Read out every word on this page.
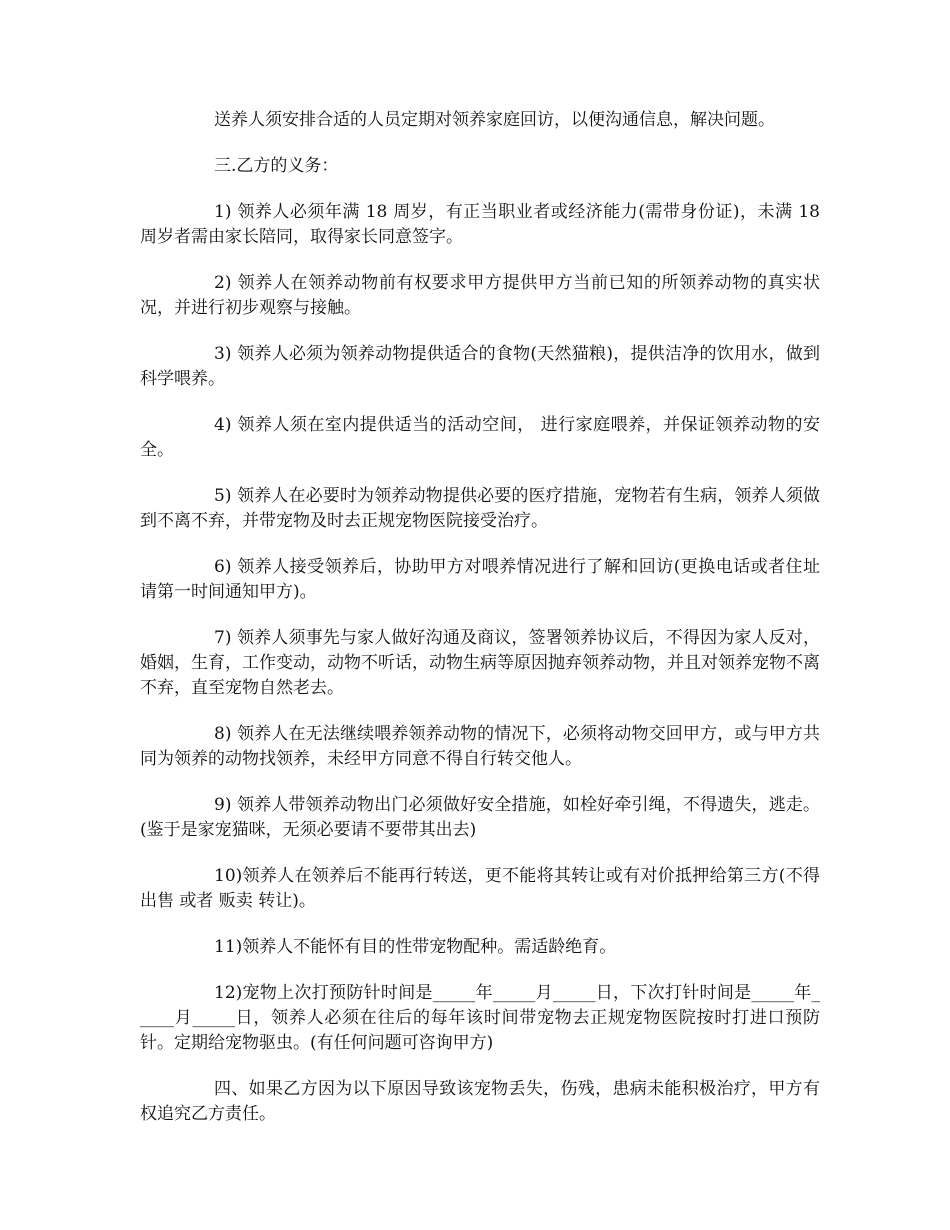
送养人须安排合适的人员定期对领养家庭回访，以便沟通信息，解决问题。

三.乙方的义务：

1) 领养人必须年满 18 周岁，有正当职业者或经济能力(需带身份证)，未满 18 周岁者需由家长陪同，取得家长同意签字。

2) 领养人在领养动物前有权要求甲方提供甲方当前已知的所领养动物的真实状况，并进行初步观察与接触。

3) 领养人必须为领养动物提供适合的食物(天然猫粮)，提供洁净的饮用水，做到科学喂养。

4) 领养人须在室内提供适当的活动空间， 进行家庭喂养，并保证领养动物的安全。

5) 领养人在必要时为领养动物提供必要的医疗措施，宠物若有生病，领养人须做到不离不弃，并带宠物及时去正规宠物医院接受治疗。

6) 领养人接受领养后，协助甲方对喂养情况进行了解和回访(更换电话或者住址请第一时间通知甲方)。

7) 领养人须事先与家人做好沟通及商议，签署领养协议后，不得因为家人反对，婚姻，生育，工作变动，动物不听话，动物生病等原因抛弃领养动物，并且对领养宠物不离不弃，直至宠物自然老去。

8) 领养人在无法继续喂养领养动物的情况下，必须将动物交回甲方，或与甲方共同为领养的动物找领养，未经甲方同意不得自行转交他人。

9) 领养人带领养动物出门必须做好安全措施，如栓好牵引绳，不得遗失，逃走。(鉴于是家宠猫咪，无须必要请不要带其出去)

10)领养人在领养后不能再行转送，更不能将其转让或有对价抵押给第三方(不得出售 或者 贩卖 转让)。

11)领养人不能怀有目的性带宠物配种。需适龄绝育。

12)宠物上次打预防针时间是_____年_____月_____日，下次打针时间是_____年_____月_____日，领养人必须在往后的每年该时间带宠物去正规宠物医院按时打进口预防针。定期给宠物驱虫。(有任何问题可咨询甲方)

四、如果乙方因为以下原因导致该宠物丢失，伤残，患病未能积极治疗，甲方有权追究乙方责任。
